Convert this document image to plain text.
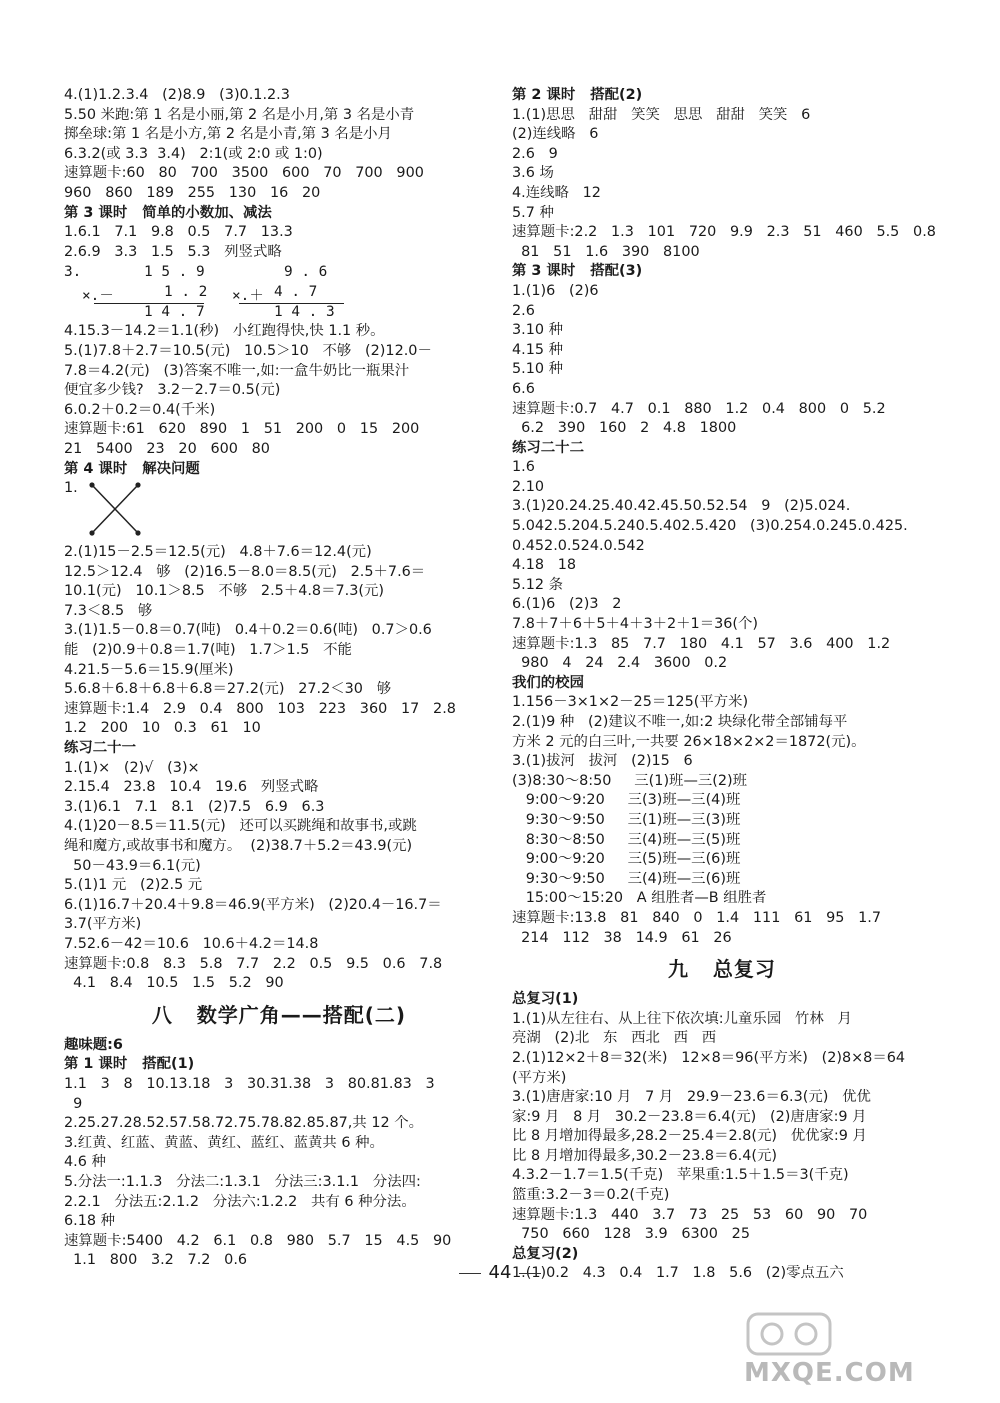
4.(1)1.2.3.4   (2)8.9   (3)0.1.2.3
5.50 米跑:第 1 名是小丽,第 2 名是小月,第 3 名是小青
掷垒球:第 1 名是小方,第 2 名是小青,第 3 名是小月
6.3.2(或 3.3  3.4)   2:1(或 2:0 或 1:0)
速算题卡:60   80   700   3500   600   70   700   900
960   860   189   255   130   16   20
第 3 课时   简单的小数加、减法
1.6.1   7.1   9.8   0.5   7.7   13.3
2.6.9   3.3   1.5   5.3   列竖式略
3.	1 5 . 9
×.－	1 . 2
1 4 . 7
9 . 6
×.＋ 4 . 7
1 4 . 3
4.15.3－14.2＝1.1(秒)   小红跑得快,快 1.1 秒。
5.(1)7.8＋2.7＝10.5(元)   10.5＞10   不够   (2)12.0－
7.8＝4.2(元)   (3)答案不唯一,如:一盒牛奶比一瓶果汁
便宜多少钱?   3.2－2.7＝0.5(元)
6.0.2＋0.2＝0.4(千米)
速算题卡:61   620   890   1   51   200   0   15   200
21   5400   23   20   600   80
第 4 课时   解决问题
1.
2.(1)15－2.5＝12.5(元)   4.8＋7.6＝12.4(元)
12.5＞12.4   够   (2)16.5－8.0＝8.5(元)   2.5＋7.6＝
10.1(元)   10.1＞8.5   不够   2.5＋4.8＝7.3(元)
7.3＜8.5   够
3.(1)1.5－0.8＝0.7(吨)   0.4＋0.2＝0.6(吨)   0.7＞0.6
能   (2)0.9＋0.8＝1.7(吨)   1.7＞1.5   不能
4.21.5－5.6＝15.9(厘米)
5.6.8＋6.8＋6.8＋6.8＝27.2(元)   27.2＜30   够
速算题卡:1.4   2.9   0.4   800   103   223   360   17   2.8
1.2   200   10   0.3   61   10
练习二十一
1.(1)×   (2)√   (3)×
2.15.4   23.8   10.4   19.6   列竖式略
3.(1)6.1   7.1   8.1   (2)7.5   6.9   6.3
4.(1)20－8.5＝11.5(元)   还可以买跳绳和故事书,或跳
绳和魔方,或故事书和魔方。  (2)38.7＋5.2＝43.9(元)
50－43.9＝6.1(元)
5.(1)1 元   (2)2.5 元
6.(1)16.7＋20.4＋9.8＝46.9(平方米)   (2)20.4－16.7＝
3.7(平方米)
7.52.6－42＝10.6   10.6＋4.2＝14.8
速算题卡:0.8   8.3   5.8   7.7   2.2   0.5   9.5   0.6   7.8
4.1   8.4   10.5   1.5   5.2   90
八   数学广角——搭配(二)
趣味题:6
第 1 课时   搭配(1)
1.1   3   8   10.13.18   3   30.31.38   3   80.81.83   3
9
2.25.27.28.52.57.58.72.75.78.82.85.87,共 12 个。
3.红黄、红蓝、黄蓝、黄红、蓝红、蓝黄共 6 种。
4.6 种
5.分法一:1.1.3   分法二:1.3.1   分法三:3.1.1   分法四:
2.2.1   分法五:2.1.2   分法六:1.2.2   共有 6 种分法。
6.18 种
速算题卡:5400   4.2   6.1   0.8   980   5.7   15   4.5   90
1.1   800   3.2   7.2   0.6
第 2 课时   搭配(2)
1.(1)思思   甜甜   笑笑   思思   甜甜   笑笑   6
(2)连线略   6
2.6   9
3.6 场
4.连线略   12
5.7 种
速算题卡:2.2   1.3   101   720   9.9   2.3   51   460   5.5   0.8
81   51   1.6   390   8100
第 3 课时   搭配(3)
1.(1)6   (2)6
2.6
3.10 种
4.15 种
5.10 种
6.6
速算题卡:0.7   4.7   0.1   880   1.2   0.4   800   0   5.2
6.2   390   160   2   4.8   1800
练习二十二
1.6
2.10
3.(1)20.24.25.40.42.45.50.52.54   9   (2)5.024.
5.042.5.204.5.240.5.402.5.420   (3)0.254.0.245.0.425.
0.452.0.524.0.542
4.18   18
5.12 条
6.(1)6   (2)3   2
7.8＋7＋6＋5＋4＋3＋2＋1＝36(个)
速算题卡:1.3   85   7.7   180   4.1   57   3.6   400   1.2
980   4   24   2.4   3600   0.2
我们的校园
1.156－3×1×2－25＝125(平方米)
2.(1)9 种   (2)建议不唯一,如:2 块绿化带全部铺每平
方米 2 元的白三叶,一共要 26×18×2×2＝1872(元)。
3.(1)拔河   拔河   (2)15   6
(3)8:30～8:50     三(1)班—三(2)班
9:00～9:20     三(3)班—三(4)班
9:30～9:50     三(1)班—三(3)班
8:30～8:50     三(4)班—三(5)班
9:00～9:20     三(5)班—三(6)班
9:30～9:50     三(4)班—三(6)班
15:00～15:20   A 组胜者—B 组胜者
速算题卡:13.8   81   840   0   1.4   111   61   95   1.7
214   112   38   14.9   61   26
九   总复习
总复习(1)
1.(1)从左往右、从上往下依次填:儿童乐园   竹林   月
亮湖   (2)北   东   西北   西   西
2.(1)12×2＋8＝32(米)   12×8＝96(平方米)   (2)8×8＝64
(平方米)
3.(1)唐唐家:10 月   7 月   29.9－23.6＝6.3(元)   优优
家:9 月   8 月   30.2－23.8＝6.4(元)   (2)唐唐家:9 月
比 8 月增加得最多,28.2－25.4＝2.8(元)   优优家:9 月
比 8 月增加得最多,30.2－23.8＝6.4(元)
4.3.2－1.7＝1.5(千克)   苹果重:1.5＋1.5＝3(千克)
篮重:3.2－3＝0.2(千克)
速算题卡:1.3   440   3.7   73   25   53   60   90   70
750   660   128   3.9   6300   25
总复习(2)
1.(1)0.2   4.3   0.4   1.7   1.8   5.6   (2)零点五六
44
MXQE.COM
